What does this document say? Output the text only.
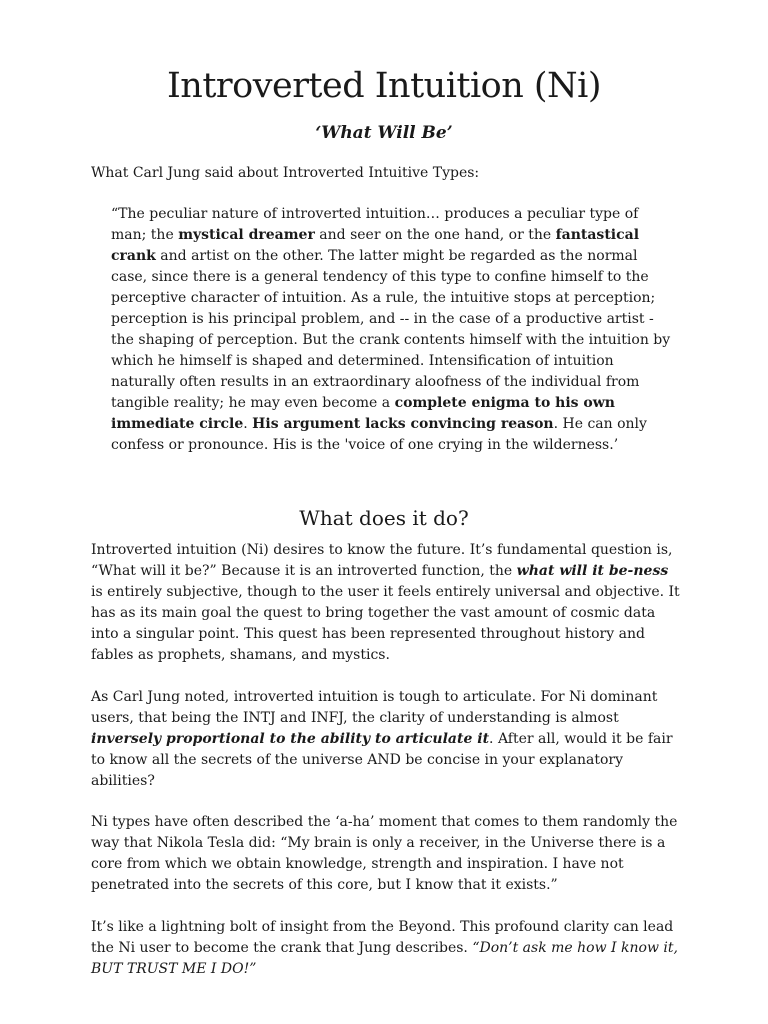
Introverted Intuition (Ni)
‘What Will Be’

What Carl Jung said about Introverted Intuitive Types:

“The peculiar nature of introverted intuition… produces a peculiar type of man; the mystical dreamer and seer on the one hand, or the fantastical crank and artist on the other. The latter might be regarded as the normal case, since there is a general tendency of this type to confine himself to the perceptive character of intuition. As a rule, the intuitive stops at perception; perception is his principal problem, and -- in the case of a productive artist - the shaping of perception. But the crank contents himself with the intuition by which he himself is shaped and determined. Intensification of intuition naturally often results in an extraordinary aloofness of the individual from tangible reality; he may even become a complete enigma to his own immediate circle. His argument lacks convincing reason. He can only confess or pronounce. His is the 'voice of one crying in the wilderness.’

What does it do?

Introverted intuition (Ni) desires to know the future. It’s fundamental question is, “What will it be?” Because it is an introverted function, the what will it be-ness is entirely subjective, though to the user it feels entirely universal and objective. It has as its main goal the quest to bring together the vast amount of cosmic data into a singular point. This quest has been represented throughout history and fables as prophets, shamans, and mystics.

As Carl Jung noted, introverted intuition is tough to articulate. For Ni dominant users, that being the INTJ and INFJ, the clarity of understanding is almost inversely proportional to the ability to articulate it. After all, would it be fair to know all the secrets of the universe AND be concise in your explanatory abilities?

Ni types have often described the ‘a-ha’ moment that comes to them randomly the way that Nikola Tesla did: “My brain is only a receiver, in the Universe there is a core from which we obtain knowledge, strength and inspiration. I have not penetrated into the secrets of this core, but I know that it exists.”

It’s like a lightning bolt of insight from the Beyond. This profound clarity can lead the Ni user to become the crank that Jung describes. “Don’t ask me how I know it, BUT TRUST ME I DO!”
